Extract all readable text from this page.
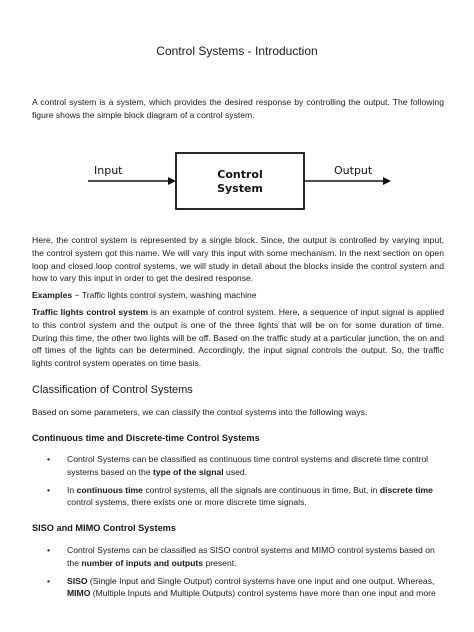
Control Systems - Introduction

A control system is a system, which provides the desired response by controlling the output. The following figure shows the simple block diagram of a control system.

Input	Control
System
Output

Here, the control system is represented by a single block. Since, the output is controlled by varying input, the control system got this name. We will vary this input with some mechanism. In the next section on open loop and closed loop control systems, we will study in detail about the blocks inside the control system and how to vary this input in order to get the desired response.

Examples − Traffic lights control system, washing machine

Traffic lights control system is an example of control system. Here, a sequence of input signal is applied to this control system and the output is one of the three lights that will be on for some duration of time. During this time, the other two lights will be off. Based on the traffic study at a particular junction, the on and off times of the lights can be determined. Accordingly, the input signal controls the output. So, the traffic lights control system operates on time basis.

Classification of Control Systems

Based on some parameters, we can classify the control systems into the following ways.

Continuous time and Discrete-time Control Systems
• Control Systems can be classified as continuous time control systems and discrete time control systems based on the type of the signal used.
• In continuous time control systems, all the signals are continuous in time. But, in discrete time control systems, there exists one or more discrete time signals.
SISO and MIMO Control Systems
• Control Systems can be classified as SISO control systems and MIMO control systems based on the number of inputs and outputs present.
• SISO (Single Input and Single Output) control systems have one input and one output. Whereas, MIMO (Multiple Inputs and Multiple Outputs) control systems have more than one input and more
